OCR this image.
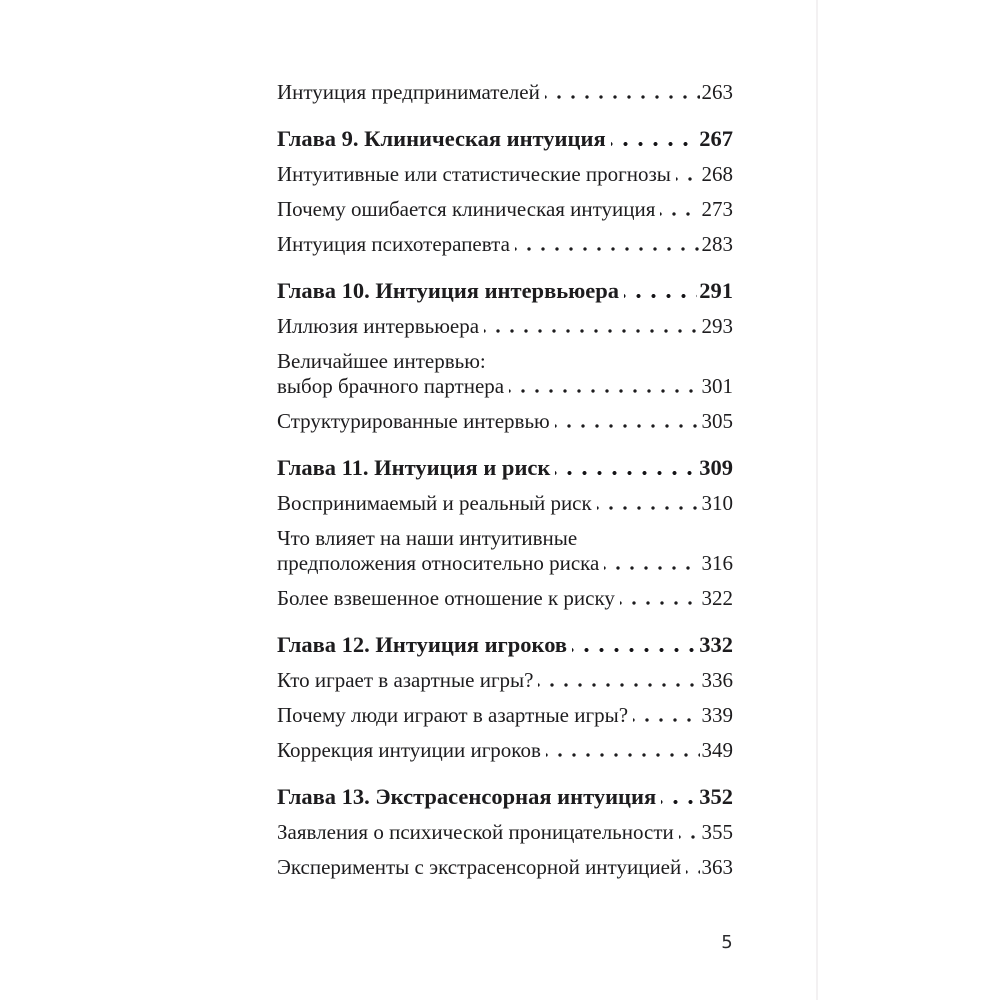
Интуиция предпринимателей	263
Глава 9. Клиническая интуиция	267
Интуитивные или статистические прогнозы 268
Почему ошибается клиническая интуиция 273
Интуиция психотерапевта	283
Глава 10. Интуиция интервьюера	291
Иллюзия интервьюера	293
Величайшее интервью:
выбор брачного партнера	301
Структурированные интервью	305
Глава 11. Интуиция и риск	309
Воспринимаемый и реальный риск	310
Что влияет на наши интуитивные
предположения относительно риска	316
Более взвешенное отношение к риску	322
Глава 12. Интуиция игроков	332
Кто играет в азартные игры?	336
Почему люди играют в азартные игры?	339
Коррекция интуиции игроков	349
Глава 13. Экстрасенсорная интуиция 352
Заявления о психической проницательности 355
Эксперименты с экстрасенсорной интуицией 363
5
